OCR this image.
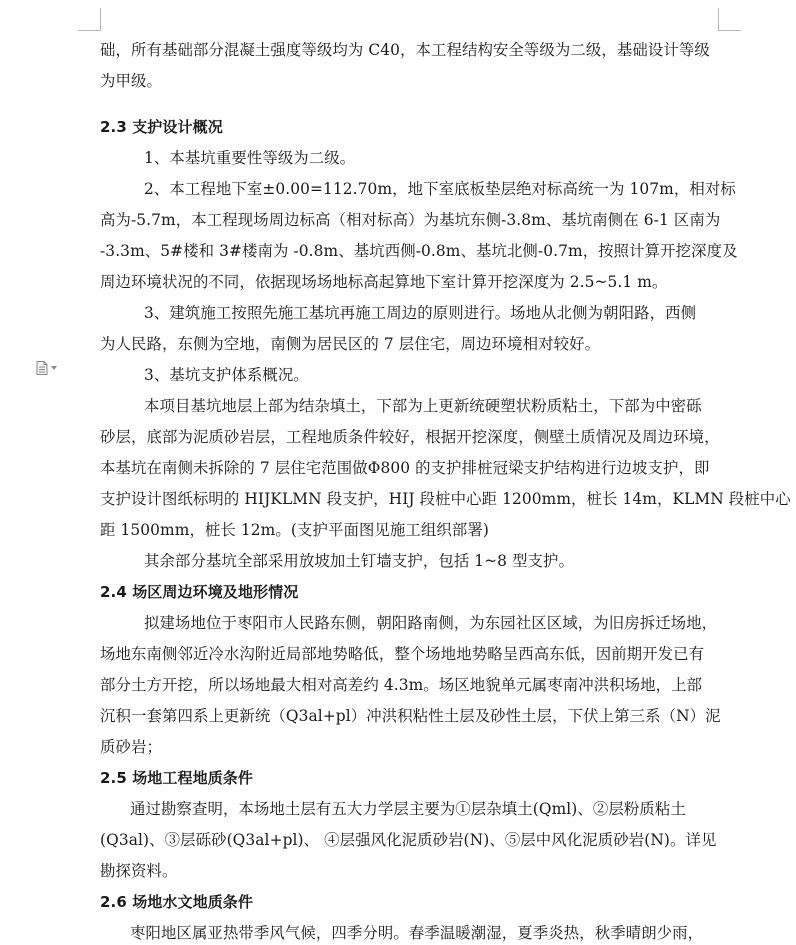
础，所有基础部分混凝土强度等级均为 C40，本工程结构安全等级为二级，基础设计等级
为甲级。
2.3 支护设计概况
1、本基坑重要性等级为二级。
2、本工程地下室±0.00=112.70m，地下室底板垫层绝对标高统一为 107m，相对标
高为-5.7m，本工程现场周边标高（相对标高）为基坑东侧-3.8m、基坑南侧在 6-1 区南为
-3.3m、5#楼和 3#楼南为 -0.8m、基坑西侧-0.8m、基坑北侧-0.7m，按照计算开挖深度及
周边环境状况的不同，依据现场场地标高起算地下室计算开挖深度为 2.5~5.1 m。
3、建筑施工按照先施工基坑再施工周边的原则进行。场地从北侧为朝阳路，西侧
为人民路，东侧为空地，南侧为居民区的 7 层住宅，周边环境相对较好。
3、基坑支护体系概况。
本项目基坑地层上部为结杂填土，下部为上更新统硬塑状粉质粘土，下部为中密砾
砂层，底部为泥质砂岩层，工程地质条件较好，根据开挖深度，侧壁土质情况及周边环境，
本基坑在南侧未拆除的 7 层住宅范围做Φ800 的支护排桩冠梁支护结构进行边坡支护，即
支护设计图纸标明的 HIJKLMN 段支护，HIJ 段桩中心距 1200mm，桩长 14m，KLMN 段桩中心
距 1500mm，桩长 12m。(支护平面图见施工组织部署)
其余部分基坑全部采用放坡加土钉墙支护，包括 1~8 型支护。
2.4 场区周边环境及地形情况
拟建场地位于枣阳市人民路东侧，朝阳路南侧，为东园社区区域，为旧房拆迁场地，
场地东南侧邻近冷水沟附近局部地势略低，整个场地地势略呈西高东低，因前期开发已有
部分土方开挖，所以场地最大相对高差约 4.3m。场区地貌单元属枣南冲洪积场地，上部
沉积一套第四系上更新统（Q3al+pl）冲洪积粘性土层及砂性土层，下伏上第三系（N）泥
质砂岩；
2.5 场地工程地质条件
通过勘察查明，本场地土层有五大力学层主要为①层杂填土(Qml)、②层粉质粘土
(Q3al)、③层砾砂(Q3al+pl)、 ④层强风化泥质砂岩(N)、⑤层中风化泥质砂岩(N)。详见
勘探资料。
2.6 场地水文地质条件
枣阳地区属亚热带季风气候，四季分明。春季温暖潮湿，夏季炎热，秋季晴朗少雨，
